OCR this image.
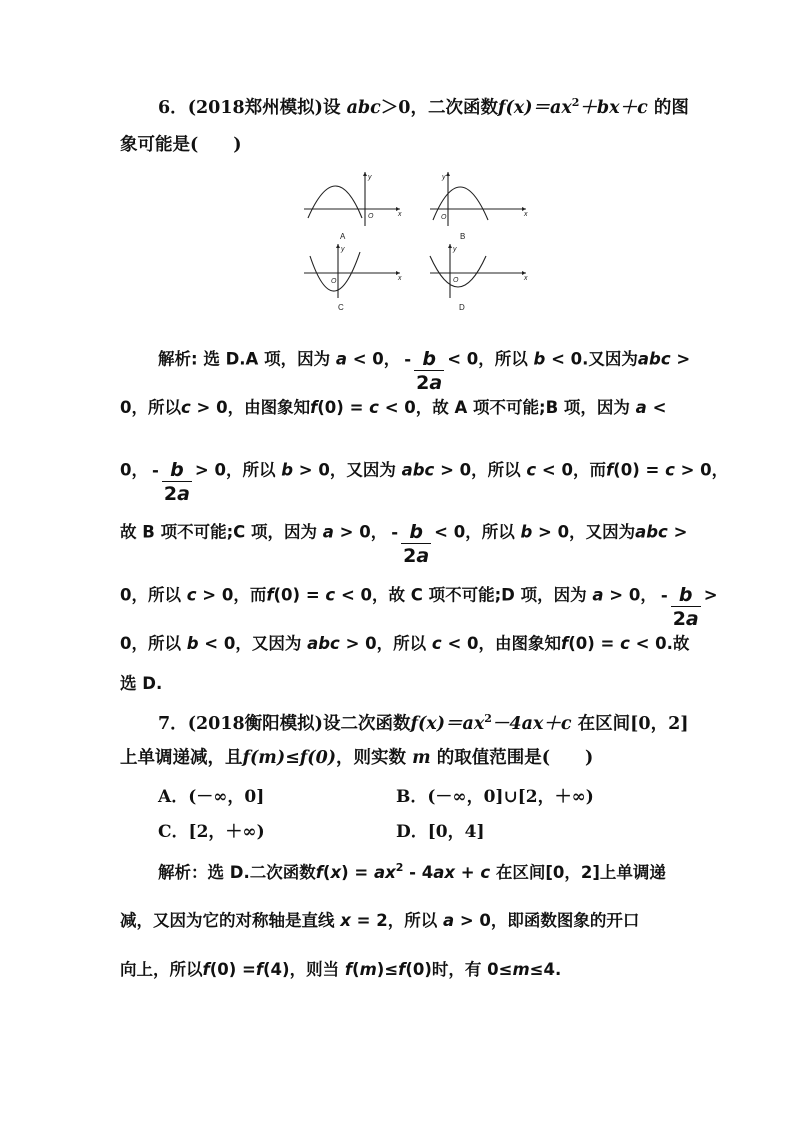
6．(2018郑州模拟)设 abc＞0，二次函数$f(x)=ax^2+bx+c$ 的图
象可能是(　　)
x
y
O	x
y
O
x
y
O	x
y
O
A	B
C	D
解析: 选 D.A 项，因为 a < 0， - $\frac{b}{2a} < 0$，所以 b < 0.又因为abc >
0，所以c > 0，由图象知f(0) = c < 0，故 A 项不可能;B 项，因为 a <
0， - $\frac{b}{2a} > 0$，所以 b > 0，又因为 abc > 0，所以 c < 0，而f(0) = c > 0，
故 B 项不可能;C 项，因为 a > 0， - $\frac{b}{2a} < 0$，所以 b > 0，又因为abc >
0，所以 c > 0，而f(0) = c < 0，故 C 项不可能;D 项，因为 a > 0， - $\frac{b}{2a}$ >
0，所以 b < 0，又因为 abc > 0，所以 c < 0，由图象知f(0) = c < 0.故
选 D.
7．(2018衡阳模拟)设二次函数$f(x)=ax^2-4ax+c$ 在区间[0，2]
上单调递减，且f(m)≤f(0)，则实数 m 的取值范围是(　　)
A．(－∞，0]	B．(－∞，0]∪[2，＋∞)
C．[2，＋∞)	D．[0，4]
解析：选 D.二次函数$f(x) = ax^2 - 4ax + c$ 在区间[0，2]上单调递
减，又因为它的对称轴是直线 x = 2，所以 a > 0，即函数图象的开口
向上，所以f(0) =f(4)，则当 f(m)≤f(0)时，有 0≤m≤4.
